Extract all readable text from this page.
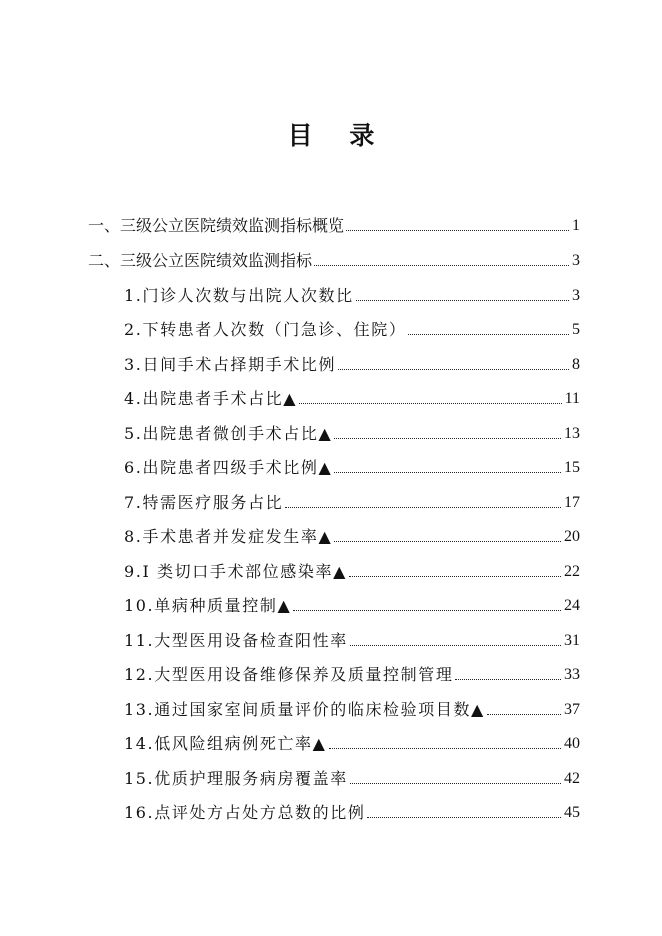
目 录
一、三级公立医院绩效监测指标概览	1
二、三级公立医院绩效监测指标	3
1.门诊人次数与出院人次数比	3
2.下转患者人次数（门急诊、住院）	5
3.日间手术占择期手术比例	8
4.出院患者手术占比▲	11
5.出院患者微创手术占比▲	13
6.出院患者四级手术比例▲	15
7.特需医疗服务占比	17
8.手术患者并发症发生率▲	20
9.I 类切口手术部位感染率▲	22
10.单病种质量控制▲	24
11.大型医用设备检查阳性率	31
12.大型医用设备维修保养及质量控制管理	33
13.通过国家室间质量评价的临床检验项目数▲	37
14.低风险组病例死亡率▲	40
15.优质护理服务病房覆盖率	42
16.点评处方占处方总数的比例	45
